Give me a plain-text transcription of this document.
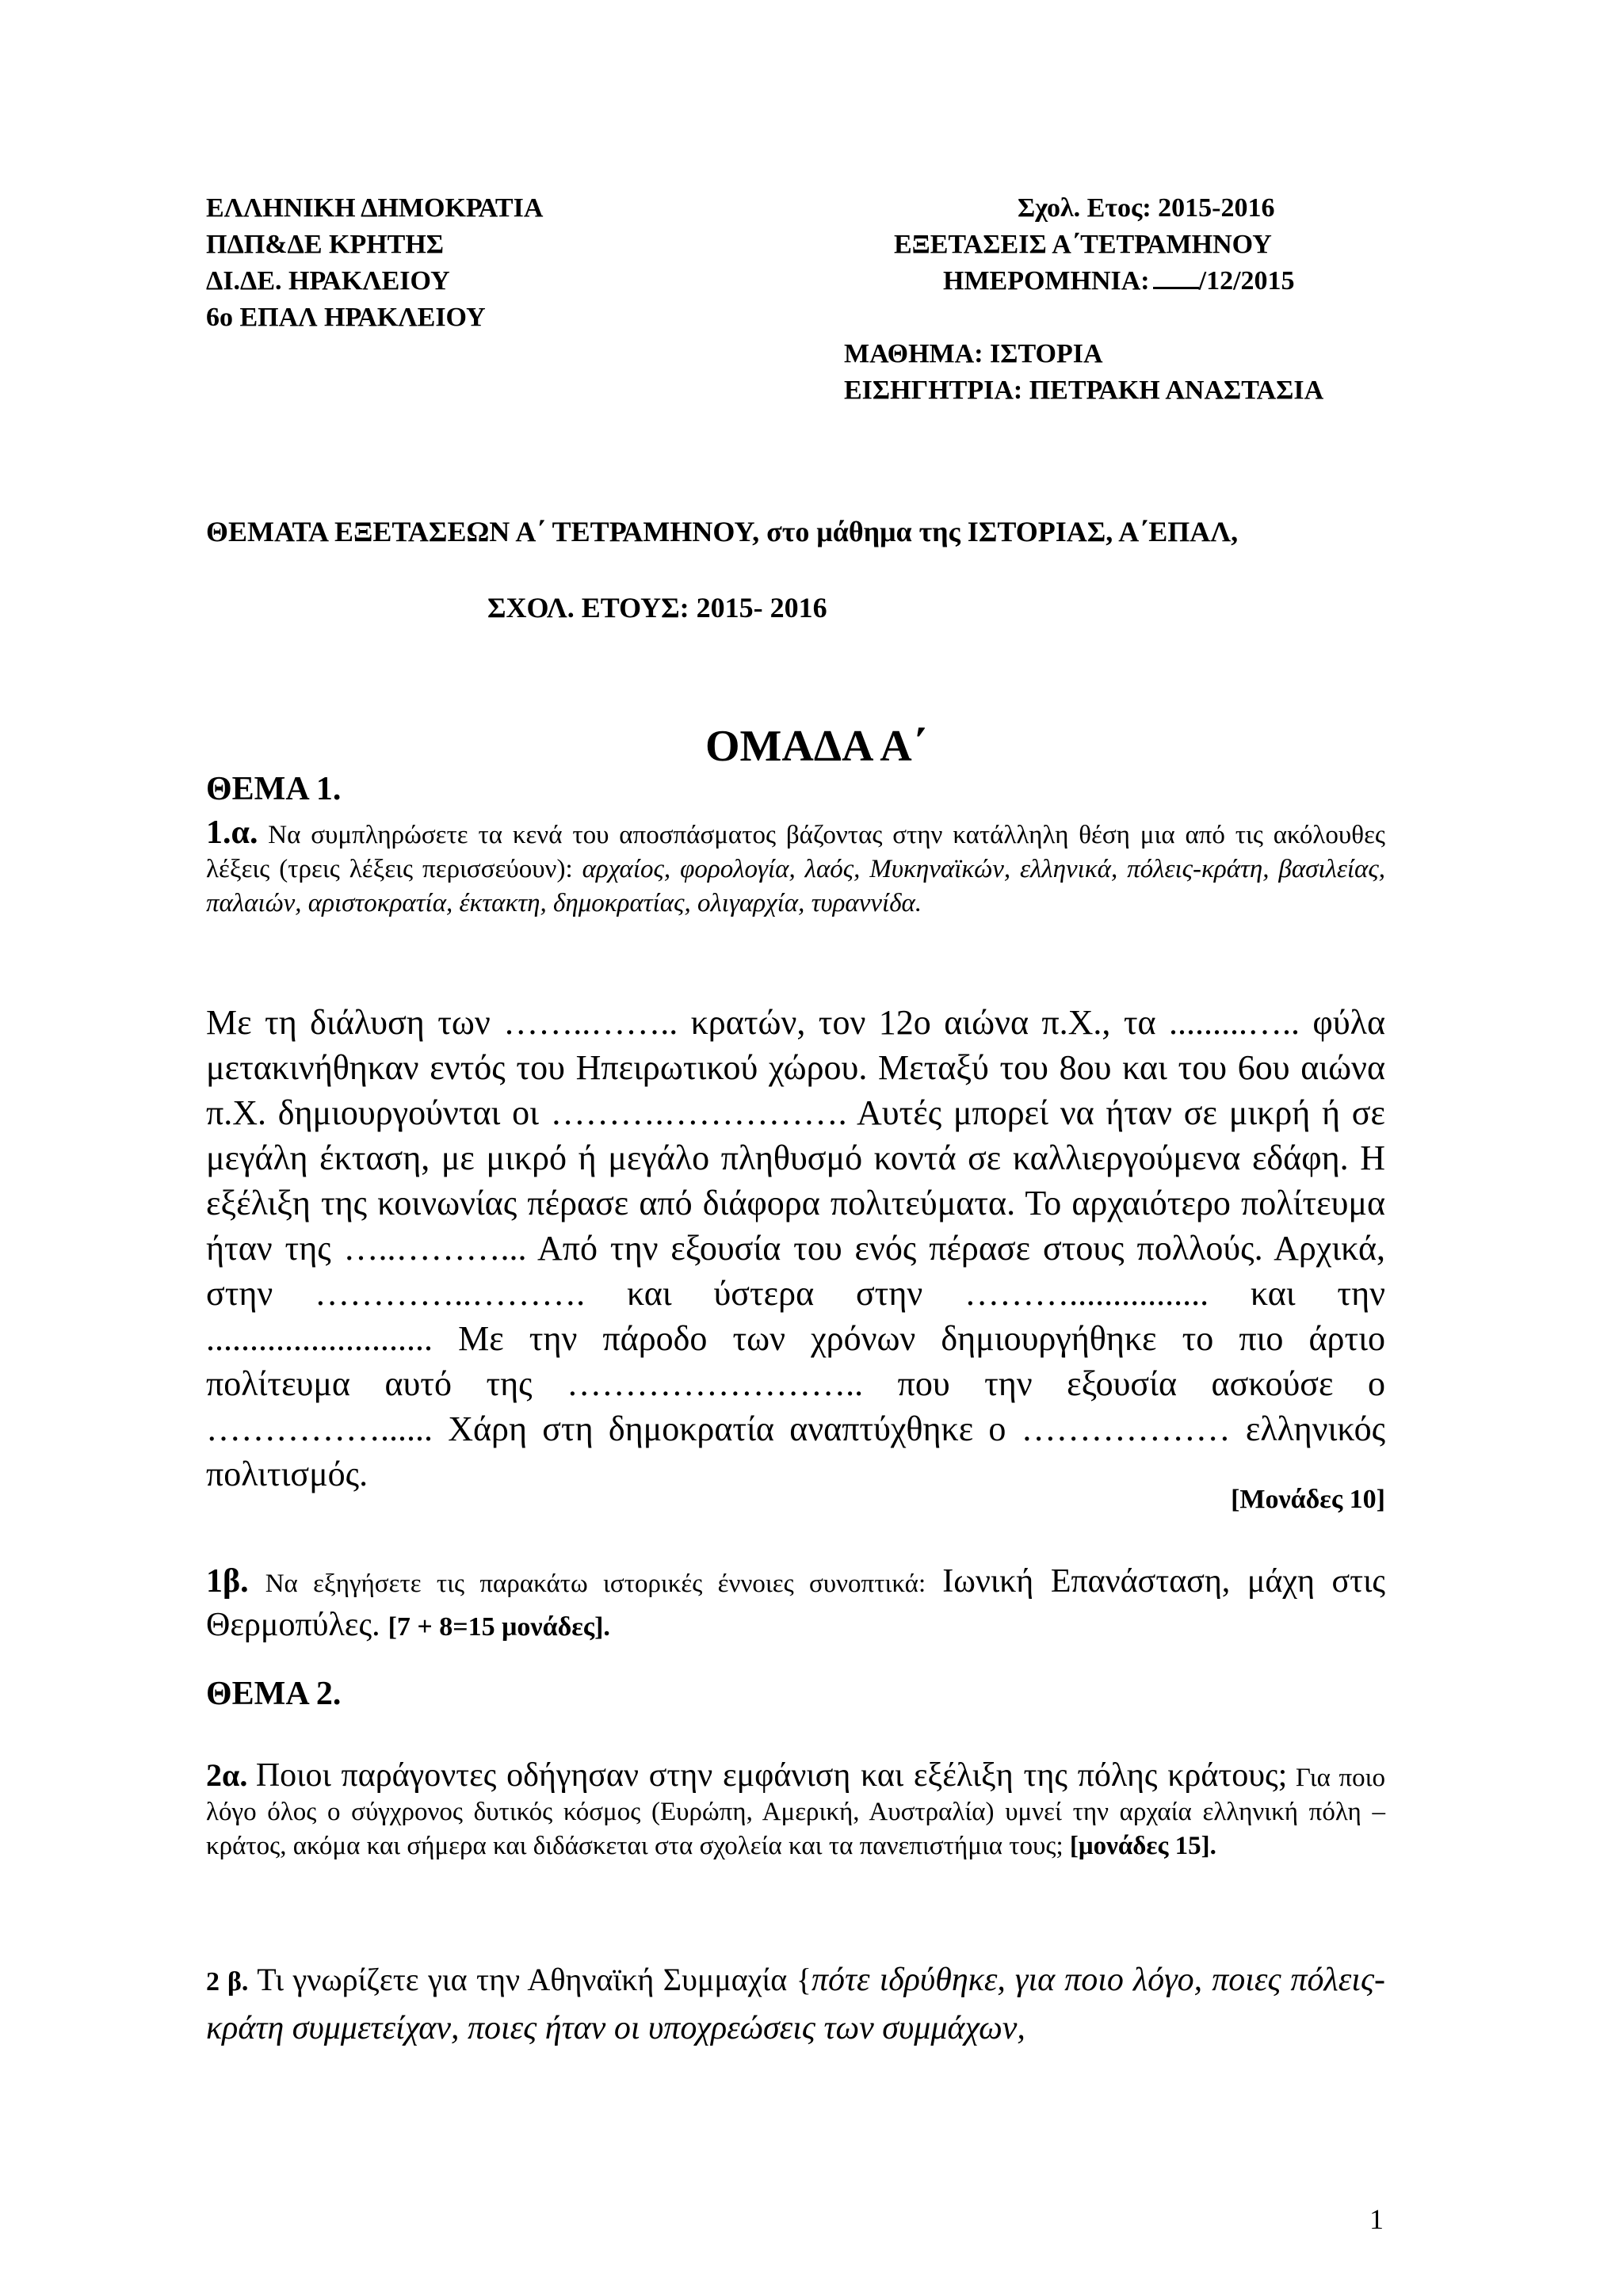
ΕΛΛΗΝΙΚΗ ΔΗΜΟΚΡΑΤΙΑ
ΠΔΠ&ΔΕ ΚΡΗΤΗΣ
ΔΙ.ΔΕ. ΗΡΑΚΛΕΙΟΥ
6ο ΕΠΑΛ ΗΡΑΚΛΕΙΟΥ
Σχολ. Ετος: 2015-2016
ΕΞΕΤΑΣΕΙΣ Α΄ΤΕΤΡΑΜΗΝΟΥ
ΗΜΕΡΟΜΗΝΙΑ: /12/2015
ΜΑΘΗΜΑ: ΙΣΤΟΡΙΑ
ΕΙΣΗΓΗΤΡΙΑ: ΠΕΤΡΑΚΗ ΑΝΑΣΤΑΣΙΑ
ΘΕΜΑΤΑ ΕΞΕΤΑΣΕΩΝ Α΄ ΤΕΤΡΑΜΗΝΟΥ, στο μάθημα της ΙΣΤΟΡΙΑΣ, Α΄ΕΠΑΛ,
ΣΧΟΛ. ΕΤΟΥΣ: 2015- 2016
ΟΜΑΔΑ Α΄
ΘΕΜΑ 1.
1.α. Να συμπληρώσετε τα κενά του αποσπάσματος βάζοντας στην κατάλληλη θέση μια από τις ακόλουθες λέξεις (τρεις λέξεις περισσεύουν): αρχαίος, φορολογία, λαός, Μυκηναϊκών, ελληνικά, πόλεις-κράτη, βασιλείας, παλαιών, αριστοκρατία, έκτακτη, δημοκρατίας, ολιγαρχία, τυραννίδα.
Με τη διάλυση των ……..…….. κρατών, τον 12ο αιώνα π.Χ., τα .........….. φύλα μετακινήθηκαν εντός του Ηπειρωτικού χώρου. Μεταξύ του 8ου και του 6ου αιώνα π.Χ. δημιουργούνται οι ……….……………. Αυτές μπορεί να ήταν σε μικρή ή σε μεγάλη έκταση, με μικρό ή μεγάλο πληθυσμό κοντά σε καλλιεργούμενα εδάφη. Η εξέλιξη της κοινωνίας πέρασε από διάφορα πολιτεύματα. Το αρχαιότερο πολίτευμα ήταν της …..………... Από την εξουσία του ενός πέρασε στους πολλούς. Αρχικά, στην …………..………. και ύστερα στην ………................ και την .......................... Με την πάροδο των χρόνων δημιουργήθηκε το πιο άρτιο πολίτευμα αυτό της …………………….. που την εξουσία ασκούσε ο ……………...... Χάρη στη δημοκρατία αναπτύχθηκε ο ……………… ελληνικός πολιτισμός.
[Μονάδες 10]
1β. Να εξηγήσετε τις παρακάτω ιστορικές έννοιες συνοπτικά: Ιωνική Επανάσταση, μάχη στις Θερμοπύλες. [7 + 8=15 μονάδες].
ΘΕΜΑ 2.
2α. Ποιοι παράγοντες οδήγησαν στην εμφάνιση και εξέλιξη της πόλης κράτους; Για ποιο λόγο όλος ο σύγχρονος δυτικός κόσμος (Ευρώπη, Αμερική, Αυστραλία) υμνεί την αρχαία ελληνική πόλη – κράτος, ακόμα και σήμερα και διδάσκεται στα σχολεία και τα πανεπιστήμια τους; [μονάδες 15].
2 β. Τι γνωρίζετε για την Αθηναϊκή Συμμαχία {πότε ιδρύθηκε, για ποιο λόγο, ποιες πόλεις- κράτη συμμετείχαν, ποιες ήταν οι υποχρεώσεις των συμμάχων,
1
